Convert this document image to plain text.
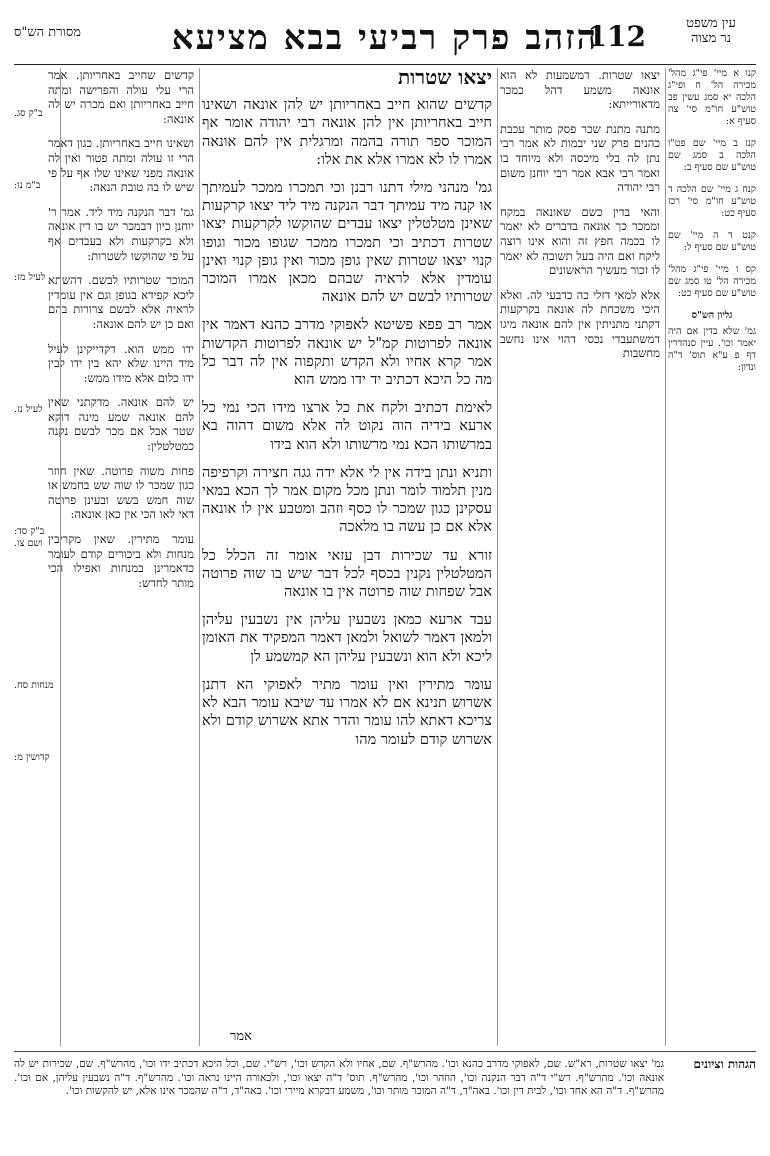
עין משפט
נר מצוה
112
הזהב פרק רביעי בבא מציעא
מסורת הש"ס
קנו א מיי' פי"ג מהל' מכירה הל' ח ופי"ג הלכה יא סמג עשין פב טוש"ע חו"מ סי' צה סעיף א:
קנז ב מיי' שם פט"ו הלכה ב סמג שם טוש"ע שם סעיף ב:
קנח ג מיי' שם הלכה ד טוש"ע חו"מ סי' רכז סעיף כט:
קנט ד ה מיי' שם טוש"ע שם סעיף ל:
קס ו מיי' פי"ג מהל' מכירה הל' טו סמג שם טוש"ע שם סעיף כט:
גליון הש"ס
גמ' שלא בדין אם היה יאמר וכו'. עיין סנהדרין דף פ ע"א תוס' ד"ה ונדון:
יצאו שטרות. דמשמעות לא הוא אונאה משמע דהל כמכר מדאורייתא:
מתנה מתנת שכר פסק מותר עכבת כהנים פרק שני יבמות לא אמר רבי נתן לה בלי מיכסה ולא מיוחד בו ואמר רבי אבא אמר רבי יוחנן משום רבי יהודה
והאי בדין כשם שאונאה במקח וממכר כך אונאה בדברים לא יאמר לו בכמה חפץ זה והוא אינו רוצה ליקח ואם היה בעל תשובה לא יאמר לו זכור מעשיך הראשונים
אלא למאי דזלי כה כדבעי לה. ואלא היכי משכחת לה אונאה בקרקעות דקתני מתניתין אין להם אונאה מיגו דמשתעבדי נכסי דהוי אינו נחשב מחשבות
יצאו שטרות
קדשים שהוא חייב באחריותן יש להן אונאה ושאינו חייב באחריותן אין להן אונאה רבי יהודה אומר אף המוכר ספר תורה בהמה ומרגלית אין להם אונאה אמרו לו לא אמרו אלא את אלו:
גמ' מנהני מילי דתנו רבנן וכי תמכרו ממכר לעמיתך או קנה מיד עמיתך דבר הנקנה מיד ליד יצאו קרקעות שאינן מטלטלין יצאו עבדים שהוקשו לקרקעות יצאו שטרות דכתיב וכי תמכרו ממכר שגופו מכור וגופו קנוי יצאו שטרות שאין גופן מכור ואין גופן קנוי ואינן עומדין אלא לראיה שבהם מכאן אמרו המוכר שטרותיו לבשם יש להם אונאה
אמר רב פפא פשיטא לאפוקי מדרב כהנא דאמר אין אונאה לפרוטות קמ"ל יש אונאה לפרוטות הקדשות אמר קרא אחיו ולא הקדש ותקפוה אין לה דבר כל מה כל היכא דכתיב יד ידו ממש הוא
לאימת דכתיב ולקח את כל ארצו מידו הכי נמי כל ארעא בידיה הוה נקוט לה אלא משום דהוה בא במרשותו הכא נמי מרשותו ולא הוא בידו
ותניא ונתן בידה אין לי אלא ידה גגה חצירה וקרפיפה מנין תלמוד לומר ונתן מכל מקום אמר לך הכא במאי עסקינן כגון שמכר לו כסף וזהב ומטבע אין לו אונאה אלא אם כן עשה בו מלאכה
זורא עד שכירות דבן עזאי אומר זה הכלל כל המטלטלין נקנין בכסף לכל דבר שיש בו שוה פרוטה אבל שפחות שוה פרוטה אין בו אונאה
עבד ארעא כמאן נשבעין עליהן אין נשבעין עליהן ולמאן דאמר לשואל ולמאן דאמר המפקיד את האומן ליכא ולא הוא ונשבעין עליהן הא קמשמע לן
עומר מתירין ואין עומר מתיר לאפוקי הא דתנן אשרוש תנינא אם לא אמרו עד שיבא עומר הבא לא צריכא דאתא להו עומר והדר אתא אשרוש קודם ולא אשרוש קודם לעומר מהו
קדשים שחייב באחריותן. אמר הרי עלי עולה והפרישה ומתה חייב באחריותן ואם מכרה יש לה אונאה:
ושאינו חייב באחריותן. כגון דאמר הרי זו עולה ומתה פטור ואין לה אונאה מפני שאינו שלו אף על פי שיש לו בה טובת הנאה:
גמ' דבר הנקנה מיד ליד. אמר ר' יוחנן כיון דבמכר יש בו דין אונאה ולא בקרקעות ולא בעבדים אף על פי שהוקשו לשטרות:
המוכר שטרותיו לבשם. דהשתא ליכא קפידא בגופן וגם אין עומדין לראיה אלא לבשם צרורות בהם ואם כן יש להם אונאה:
ידו ממש הוא. דקדייקינן לעיל מיד היינו שלא יהא בין ידו לבין ידו כלום אלא מידו ממש:
יש להם אונאה. מדקתני שאין להם אונאה שמע מינה דוקא שטר אבל אם מכר לבשם נקנה כמטלטלין:
פחות משוה פרוטה. שאין חוזר כגון שמכר לו שוה שש בחמש או שוה חמש בשש ובעינן פרוטה דאי לאו הכי אין כאן אונאה:
עומר מתירין. שאין מקריבין מנחות ולא ביכורים קודם לעומר כדאמרינן במנחות ואפילו הכי מותר לחדש:
ב"ק סג.
ב"מ נו:
לעיל מז:
לעיל נז.
ב"ק סד: ושם צו.
מנחות סח.
קדושין מ:
אמר
הגהות וציונים
גמ' יצאו שטרות, רא"ש. שם, לאפוקי מדרב כהנא וכו'. מהרש"ף. שם, אחיו ולא הקדש וכו', רש"י. שם, וכל היכא דכתיב ידו וכו', מהרש"ף. שם, שכירות יש לה אונאה וכו'. מהרש"ף. רש"י ד"ה דבר הנקנה וכו', הוזהר וכו', מהרש"ף. תוס' ד"ה יצאו וכו', ולכאורה היינו נראה וכו'. מהרש"ף. ד"ה נשבעין עליהן, אם וכו'. מהרש"ף. ד"ה הא אחד וכו', לבית דין וכו'. באה"ד, ד"ה המוכר מותר וכו', משמע דבקרא מיירי וכו'. באה"ד, ד"ה שהמכר אינו אלא, יש להקשות וכו'.
